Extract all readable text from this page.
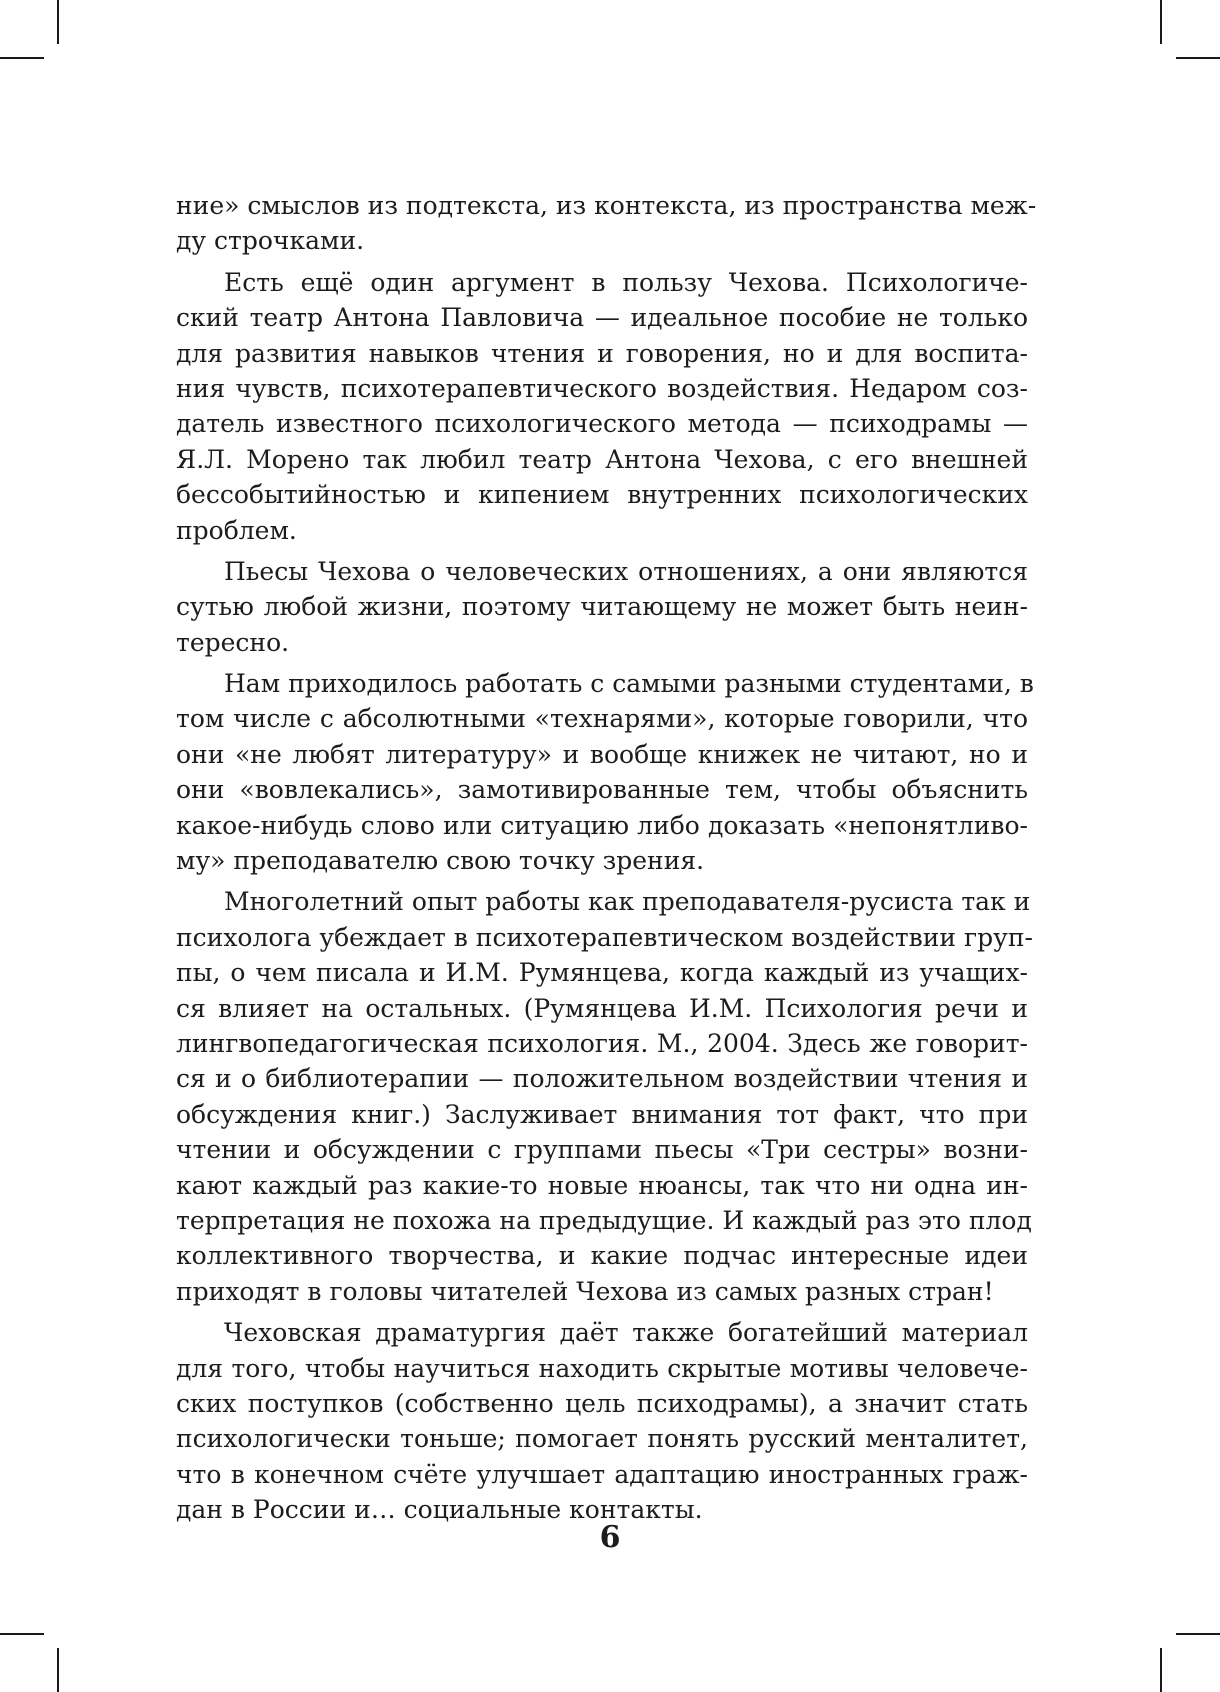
ние» смыслов из подтекста, из контекста, из пространства меж-
ду строчками.
Есть ещё один аргумент в пользу Чехова. Психологиче-
ский театр Антона Павловича — идеальное пособие не только
для развития навыков чтения и говорения, но и для воспита-
ния чувств, психотерапевтического воздействия. Недаром соз-
датель известного психологического метода — психодрамы —
Я.Л. Морено так любил театр Антона Чехова, с его внешней
бессобытийностью и кипением внутренних психологических
проблем.
Пьесы Чехова о человеческих отношениях, а они являются
сутью любой жизни, поэтому читающему не может быть неин-
тересно.
Нам приходилось работать с самыми разными студентами, в
том числе с абсолютными «технарями», которые говорили, что
они «не любят литературу» и вообще книжек не читают, но и
они «вовлекались», замотивированные тем, чтобы объяснить
какое-нибудь слово или ситуацию либо доказать «непонятливо-
му» преподавателю свою точку зрения.
Многолетний опыт работы как преподавателя-русиста так и
психолога убеждает в психотерапевтическом воздействии груп-
пы, о чем писала и И.М. Румянцева, когда каждый из учащих-
ся влияет на остальных. (Румянцева И.М. Психология речи и
лингвопедагогическая психология. М., 2004. Здесь же говорит-
ся и о библиотерапии — положительном воздействии чтения и
обсуждения книг.) Заслуживает внимания тот факт, что при
чтении и обсуждении с группами пьесы «Три сестры» возни-
кают каждый раз какие-то новые нюансы, так что ни одна ин-
терпретация не похожа на предыдущие. И каждый раз это плод
коллективного творчества, и какие подчас интересные идеи
приходят в головы читателей Чехова из самых разных стран!
Чеховская драматургия даёт также богатейший материал
для того, чтобы научиться находить скрытые мотивы человече-
ских поступков (собственно цель психодрамы), а значит стать
психологически тоньше; помогает понять русский менталитет,
что в конечном счёте улучшает адаптацию иностранных граж-
дан в России и… социальные контакты.
6
